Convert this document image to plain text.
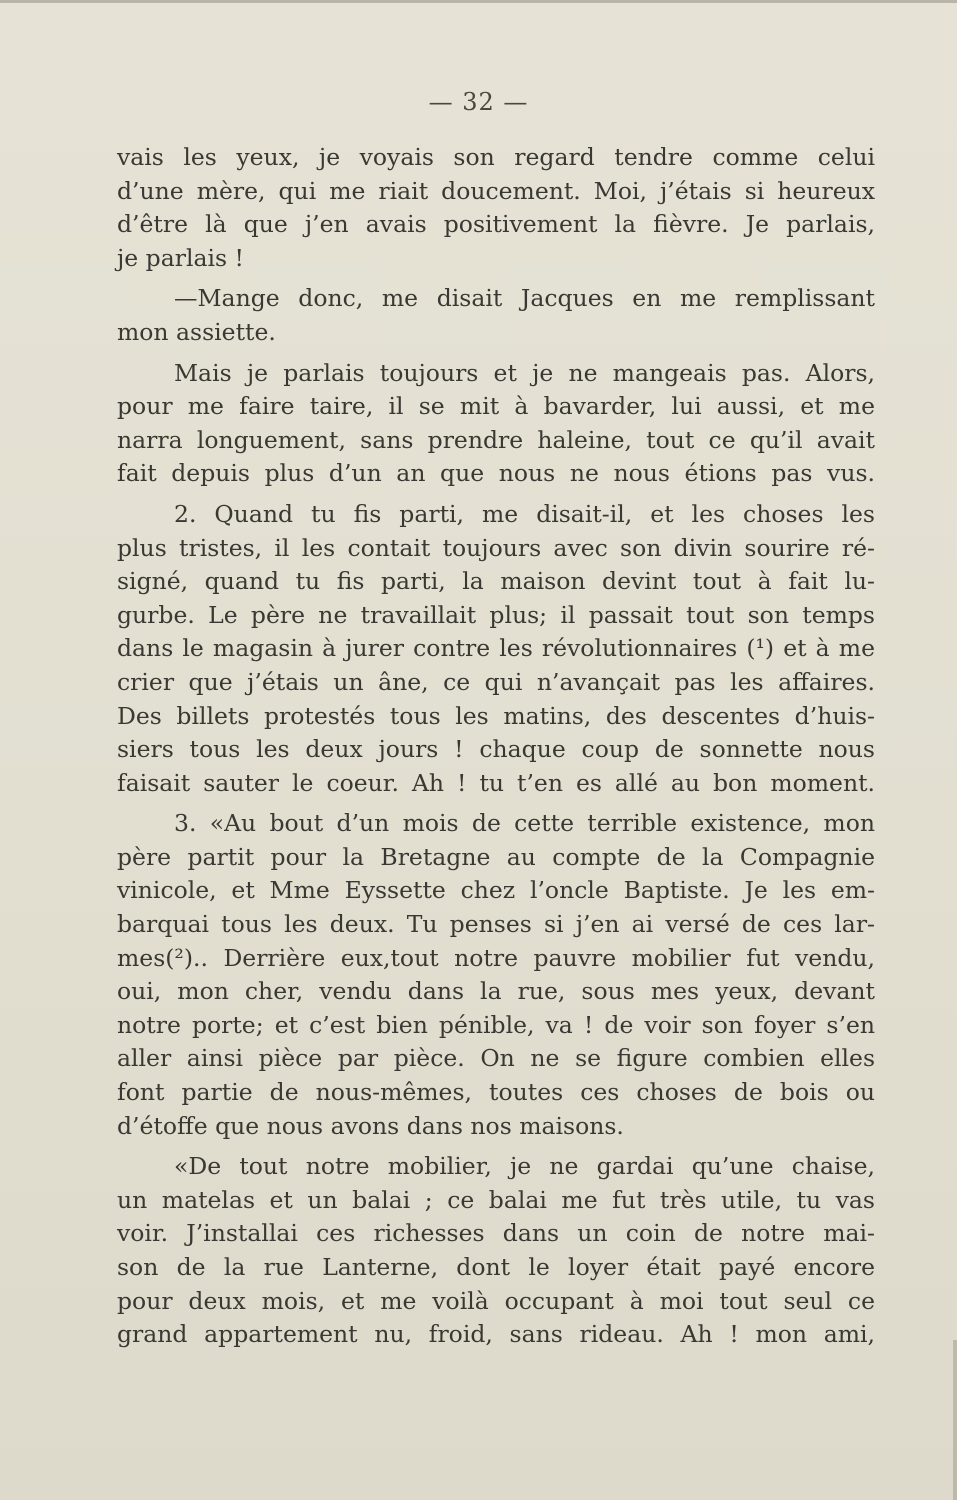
— 32 —
vais les yeux, je voyais son regard tendre comme celui
d’une mère, qui me riait doucement. Moi, j’étais si heureux
d’être là que j’en avais positivement la fièvre. Je parlais,
je parlais !
—Mange donc, me disait Jacques en me remplissant
mon assiette.
Mais je parlais toujours et je ne mangeais pas. Alors,
pour me faire taire, il se mit à bavarder, lui aussi, et me
narra longuement, sans prendre haleine, tout ce qu’il avait
fait depuis plus d’un an que nous ne nous étions pas vus.
2. Quand tu fis parti, me disait-il, et les choses les
plus tristes, il les contait toujours avec son divin sourire ré-
signé, quand tu fis parti, la maison devint tout à fait lu-
gurbe. Le père ne travaillait plus; il passait tout son temps
dans le magasin à jurer contre les révolutionnaires (¹) et à me
crier que j’étais un âne, ce qui n’avançait pas les affaires.
Des billets protestés tous les matins, des descentes d’huis-
siers tous les deux jours ! chaque coup de sonnette nous
faisait sauter le coeur. Ah ! tu t’en es allé au bon moment.
3. «Au bout d’un mois de cette terrible existence, mon
père partit pour la Bretagne au compte de la Compagnie
vinicole, et Mme Eyssette chez l’oncle Baptiste. Je les em-
barquai tous les deux. Tu penses si j’en ai versé de ces lar-
mes(²).. Derrière eux,tout notre pauvre mobilier fut vendu,
oui, mon cher, vendu dans la rue, sous mes yeux, devant
notre porte; et c’est bien pénible, va ! de voir son foyer s’en
aller ainsi pièce par pièce. On ne se figure combien elles
font partie de nous-mêmes, toutes ces choses de bois ou
d’étoffe que nous avons dans nos maisons.
«De tout notre mobilier, je ne gardai qu’une chaise,
un matelas et un balai ; ce balai me fut très utile, tu vas
voir. J’installai ces richesses dans un coin de notre mai-
son de la rue Lanterne, dont le loyer était payé encore
pour deux mois, et me voilà occupant à moi tout seul ce
grand appartement nu, froid, sans rideau. Ah ! mon ami,
